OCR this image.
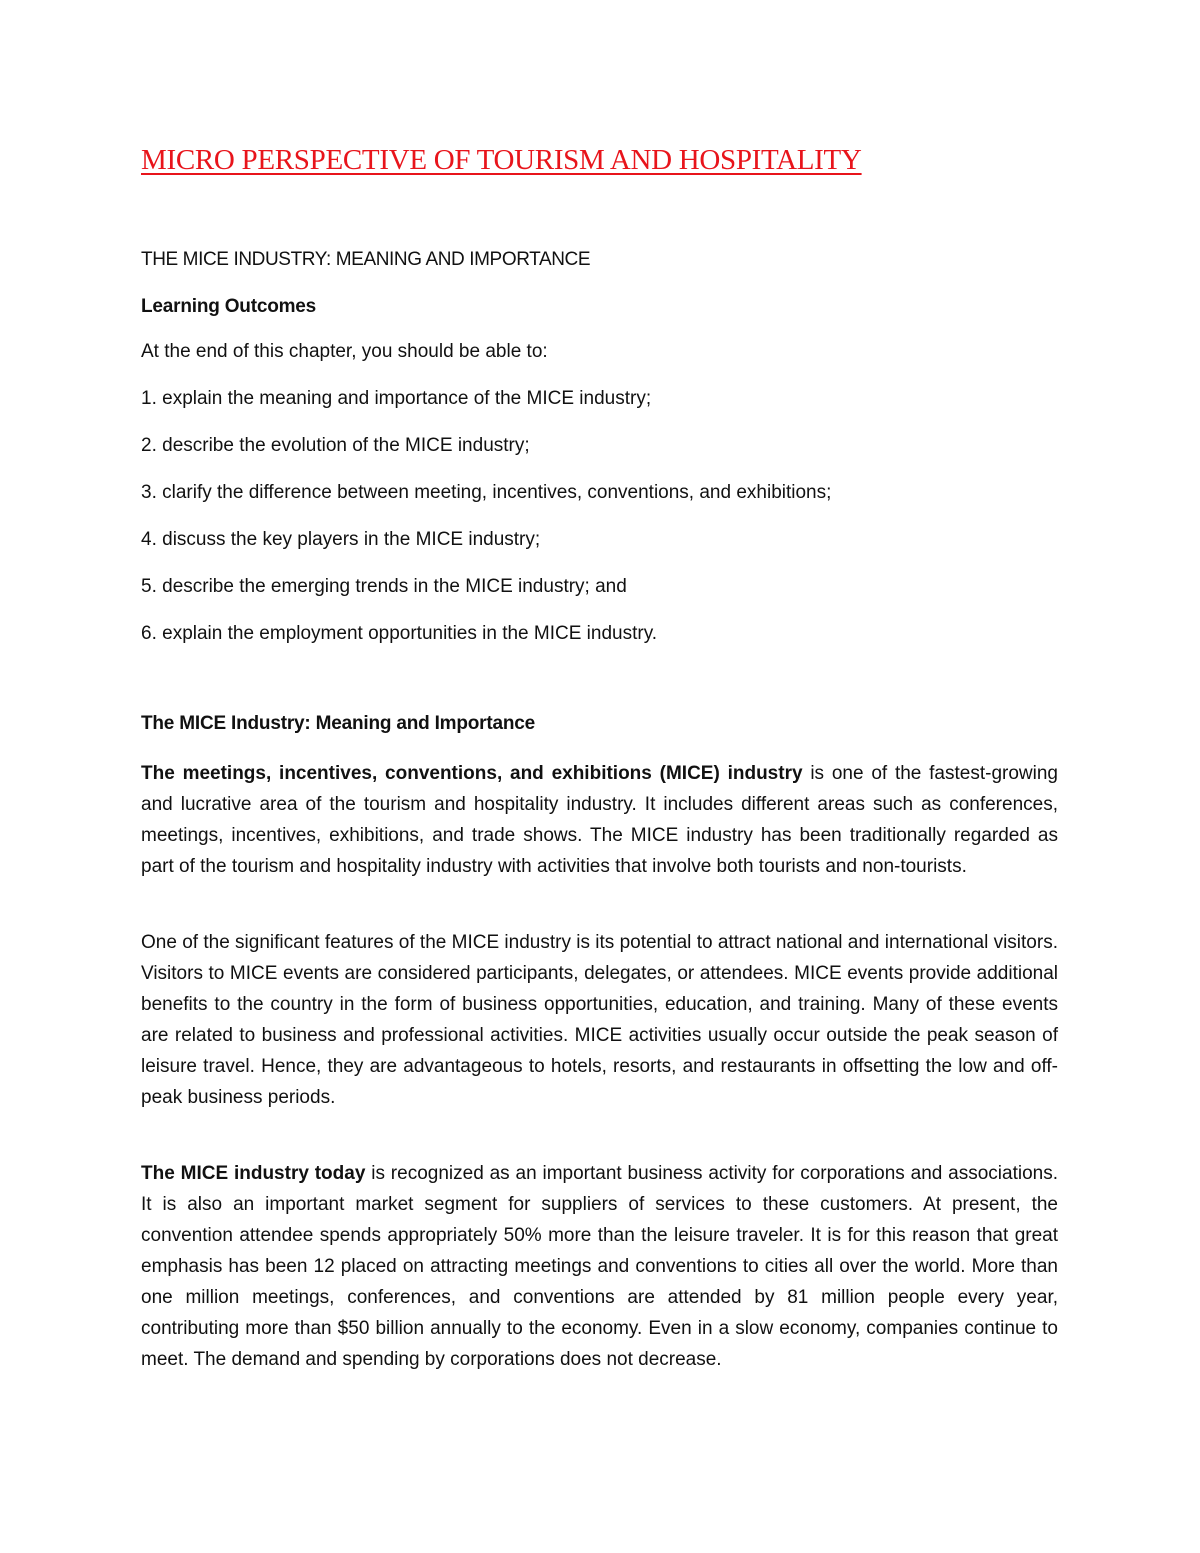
MICRO PERSPECTIVE OF TOURISM AND HOSPITALITY
THE MICE INDUSTRY: MEANING AND IMPORTANCE
Learning Outcomes

At the end of this chapter, you should be able to:

1. explain the meaning and importance of the MICE industry;
2. describe the evolution of the MICE industry;
3. clarify the difference between meeting, incentives, conventions, and exhibitions;
4. discuss the key players in the MICE industry;
5. describe the emerging trends in the MICE industry; and
6. explain the employment opportunities in the MICE industry.
The MICE Industry: Meaning and Importance

The meetings, incentives, conventions, and exhibitions (MICE) industry is one of the fastest-growing and lucrative area of the tourism and hospitality industry. It includes different areas such as conferences, meetings, incentives, exhibitions, and trade shows. The MICE industry has been traditionally regarded as part of the tourism and hospitality industry with activities that involve both tourists and non-tourists.

One of the significant features of the MICE industry is its potential to attract national and international visitors. Visitors to MICE events are considered participants, delegates, or attendees. MICE events provide additional benefits to the country in the form of business opportunities, education, and training. Many of these events are related to business and professional activities. MICE activities usually occur outside the peak season of leisure travel. Hence, they are advantageous to hotels, resorts, and restaurants in offsetting the low and off-peak business periods.

The MICE industry today is recognized as an important business activity for corporations and associations. It is also an important market segment for suppliers of services to these customers. At present, the convention attendee spends appropriately 50% more than the leisure traveler. It is for this reason that great emphasis has been 12 placed on attracting meetings and conventions to cities all over the world. More than one million meetings, conferences, and conventions are attended by 81 million people every year, contributing more than $50 billion annually to the economy. Even in a slow economy, companies continue to meet. The demand and spending by corporations does not decrease.
